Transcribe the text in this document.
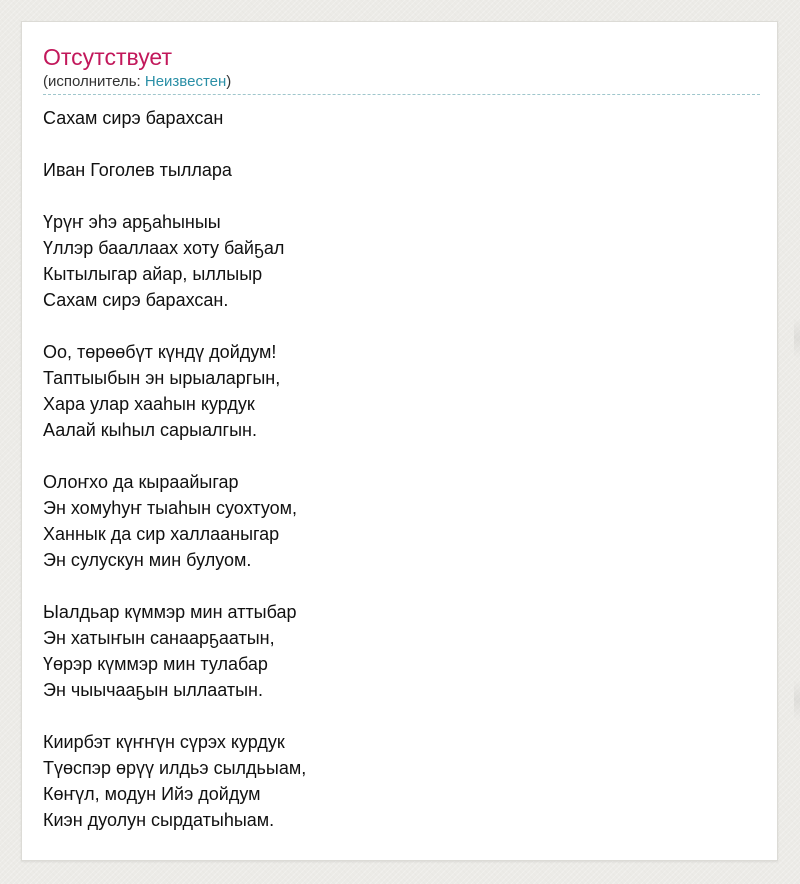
Отсутствует
(исполнитель: Неизвестен)

Сахам сирэ барахсан

Иван Гоголев тыллара

Үрүҥ эһэ арҕаһыныы
Үллэр бааллаах хоту байҕал
Кытылыгар айар, ыллыыр
Сахам сирэ барахсан.

Оо, төрөөбүт күндү дойдум!
Таптыыбын эн ырыаларгын,
Хара улар хааһын курдук
Аалай кыһыл сарыалгын.

Олоҥхо да кыраайыгар
Эн хомуһуҥ тыаһын суохтуом,
Ханнык да сир халлааныгар
Эн сулускун мин булуом.

Ыалдьар күммэр мин аттыбар
Эн хатыҥын санаарҕаатын,
Үөрэр күммэр мин тулабар
Эн чыычааҕын ыллаатын.

Киирбэт күҥҥүн сүрэх курдук
Түөспэр өрүү илдьэ сылдьыам,
Көҥүл, модун Ийэ дойдум
Киэн дуолун сырдатыһыам.
